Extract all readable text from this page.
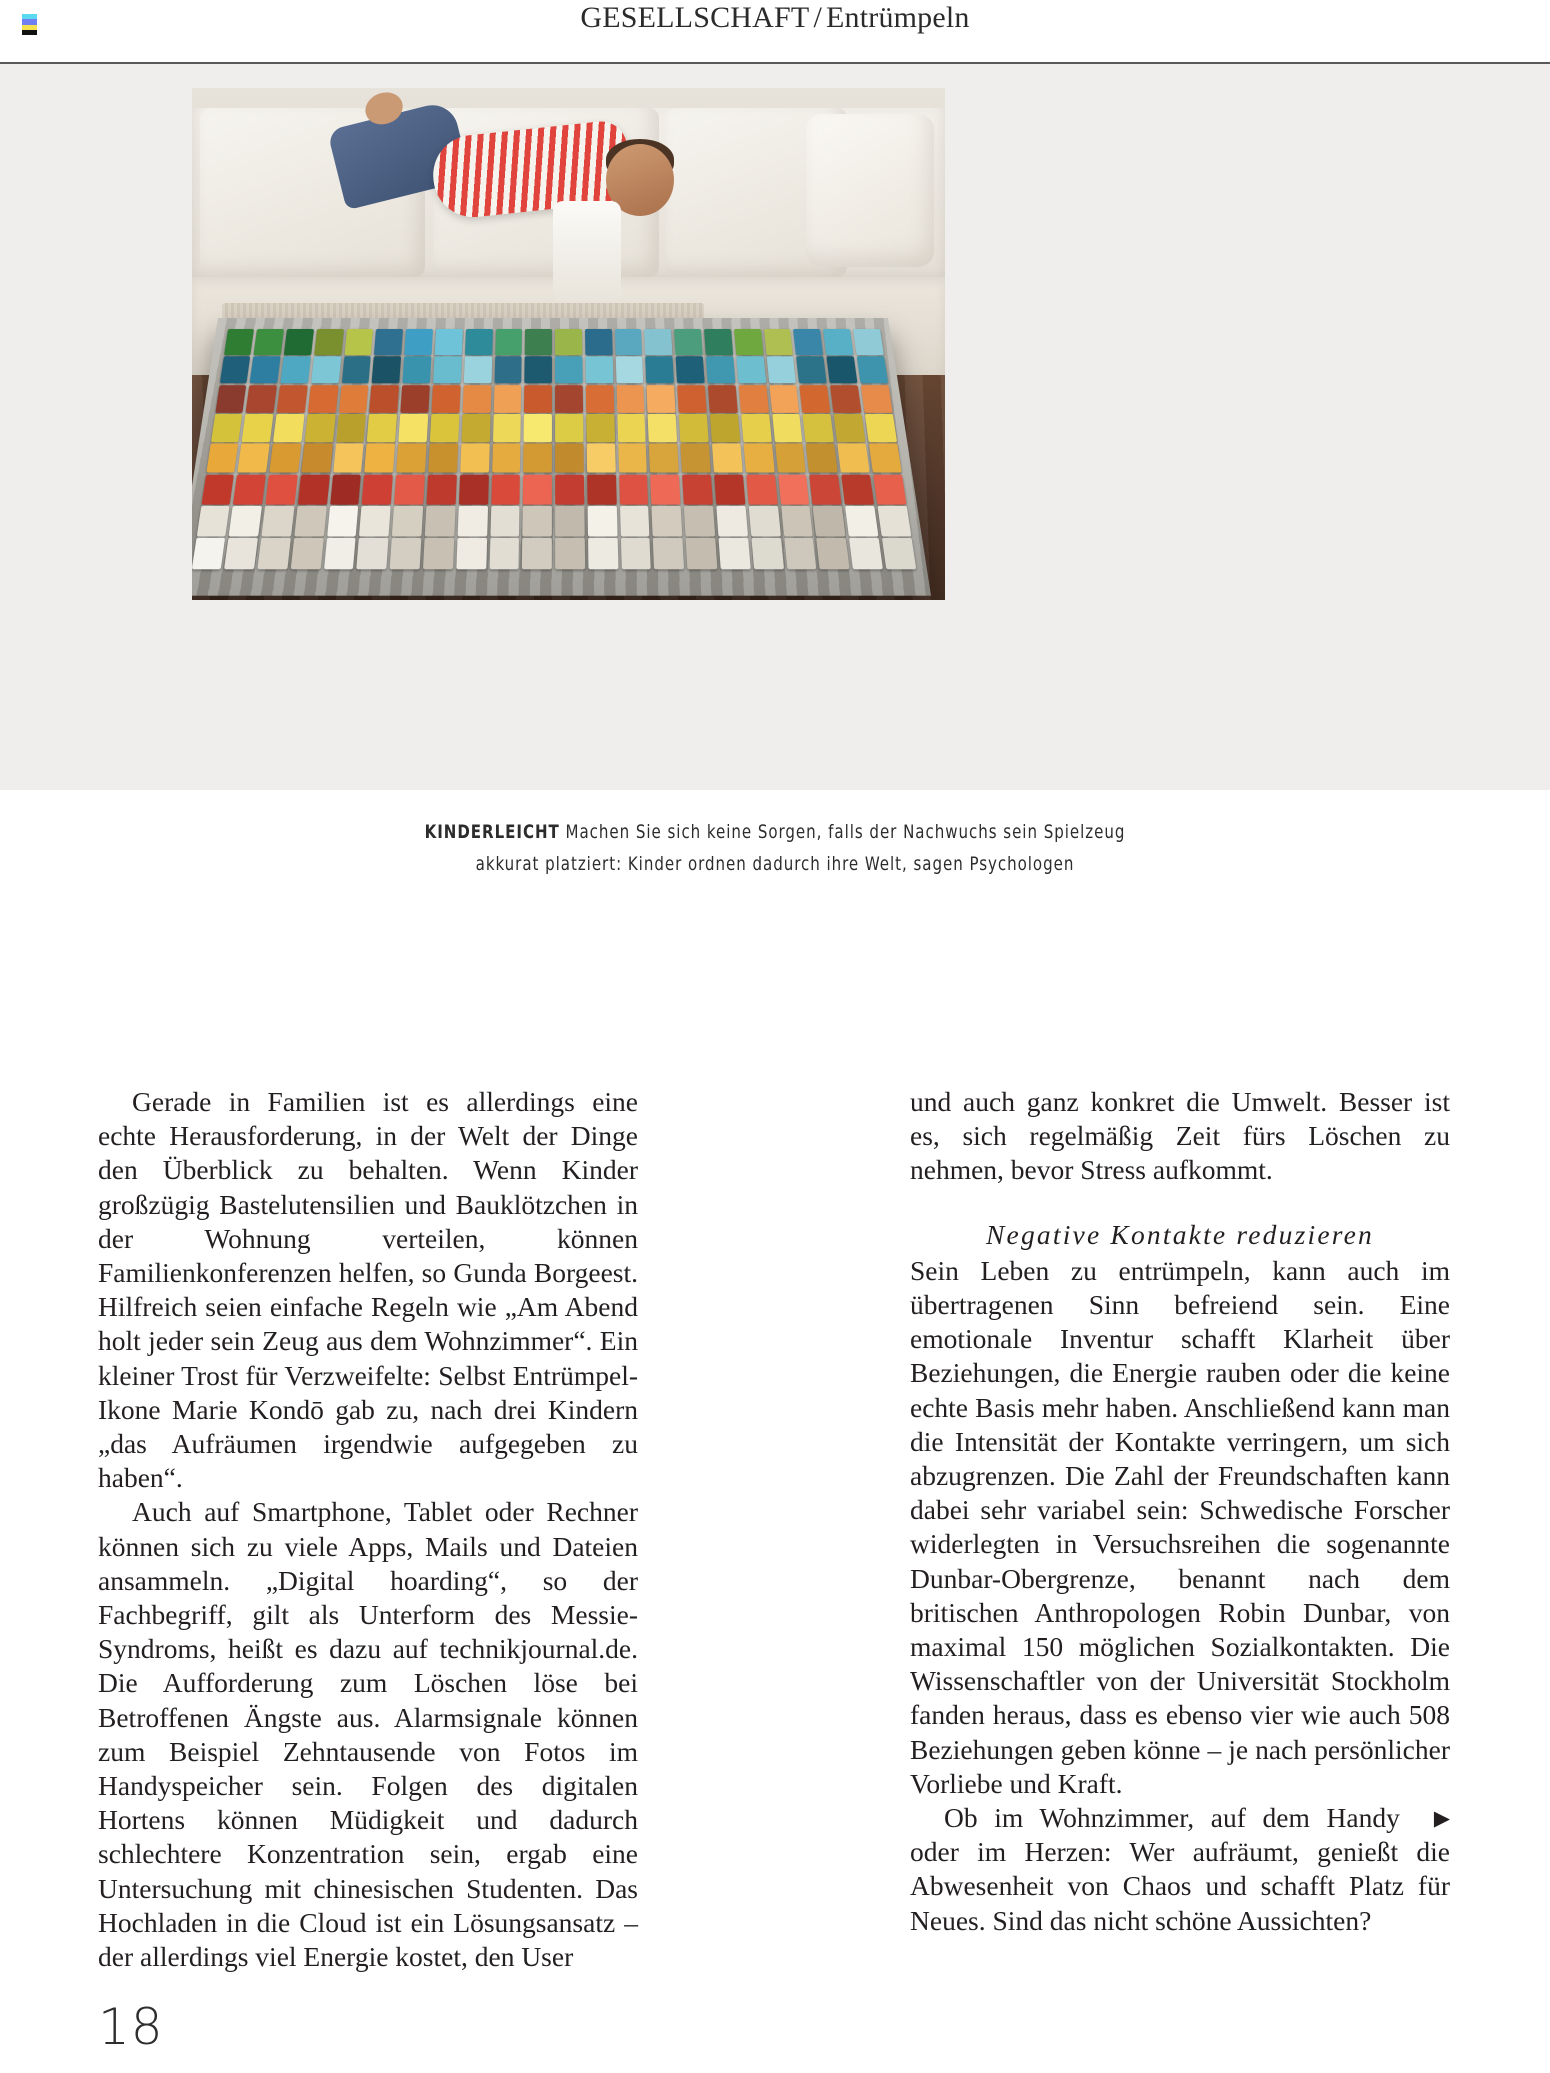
GESELLSCHAFT / Entrümpeln
KINDERLEICHT Machen Sie sich keine Sorgen, falls der Nachwuchs sein Spielzeug
akkurat platziert: Kinder ordnen dadurch ihre Welt, sagen Psychologen

Gerade in Familien ist es allerdings eine echte Herausforderung, in der Welt der Dinge den Überblick zu behalten. Wenn Kinder großzügig Bastelutensilien und Bauklötzchen in der Wohnung verteilen, können Familienkonferenzen helfen, so Gunda Borgeest. Hilfreich seien einfache Regeln wie „Am Abend holt jeder sein Zeug aus dem Wohnzimmer“. Ein kleiner Trost für Verzweifelte: Selbst Entrümpel-Ikone Marie Kondō gab zu, nach drei Kindern „das Aufräumen irgendwie aufgegeben zu haben“.

Auch auf Smartphone, Tablet oder Rechner können sich zu viele Apps, Mails und Dateien ansammeln. „Digital hoarding“, so der Fachbegriff, gilt als Unterform des Messie-Syndroms, heißt es dazu auf technikjournal.de. Die Aufforderung zum Löschen löse bei Betroffenen Ängste aus. Alarmsignale können zum Beispiel Zehntausende von Fotos im Handyspeicher sein. Folgen des digitalen Hortens können Müdigkeit und dadurch schlechtere Konzentration sein, ergab eine Untersuchung mit chinesischen Studenten. Das Hochladen in die Cloud ist ein Lösungsansatz – der allerdings viel Energie kostet, den User

und auch ganz konkret die Umwelt. Besser ist es, sich regelmäßig Zeit fürs Löschen zu nehmen, bevor Stress aufkommt.

Negative Kontakte reduzieren

Sein Leben zu entrümpeln, kann auch im übertragenen Sinn befreiend sein. Eine emotionale Inventur schafft Klarheit über Beziehungen, die Energie rauben oder die keine echte Basis mehr haben. Anschließend kann man die Intensität der Kontakte verringern, um sich abzugrenzen. Die Zahl der Freundschaften kann dabei sehr variabel sein: Schwedische Forscher widerlegten in Versuchsreihen die sogenannte Dunbar-Obergrenze, benannt nach dem britischen Anthropologen Robin Dunbar, von maximal 150 möglichen Sozialkontakten. Die Wissenschaftler von der Universität Stockholm fanden heraus, dass es ebenso vier wie auch 508 Beziehungen geben könne – je nach persönlicher Vorliebe und Kraft.

▶
Ob im Wohnzimmer, auf dem Handy oder im Herzen: Wer aufräumt, genießt die Abwesenheit von Chaos und schafft Platz für Neues. Sind das nicht schöne Aussichten?

18
